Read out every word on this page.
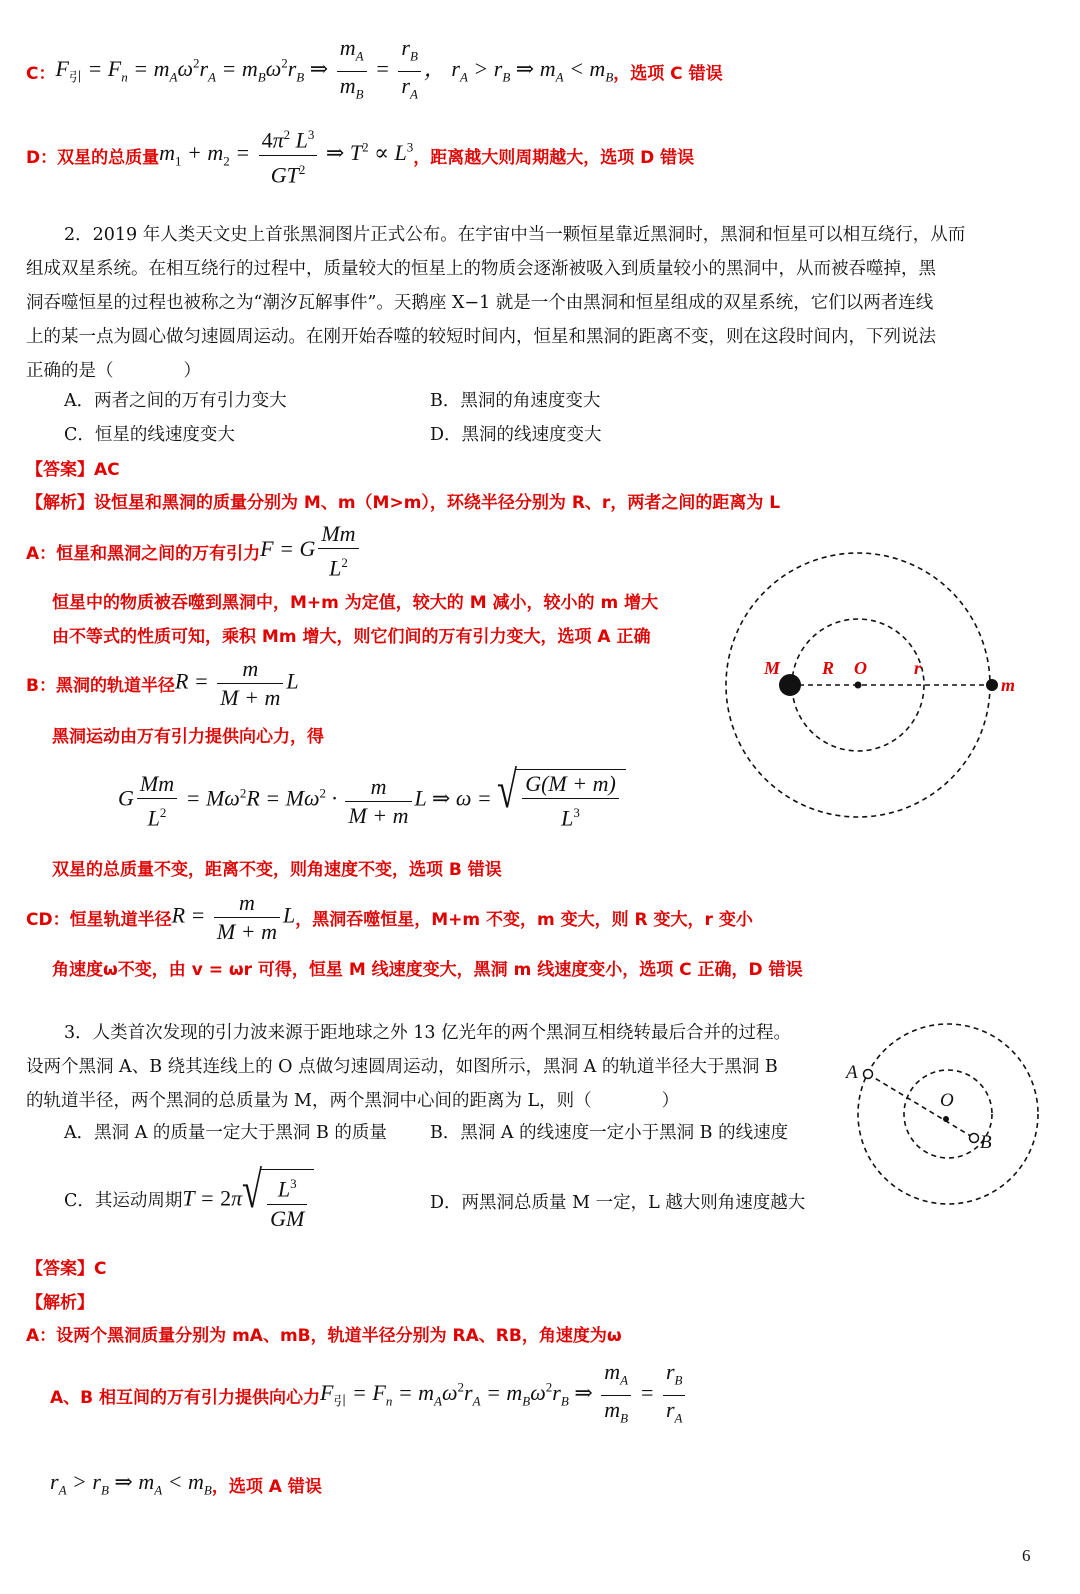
C： $F_引 = F_n = m_A\omega^2r_A = m_B\omega^2r_B$ ⇒ $\frac{m_A}{m_B} = \frac{r_B}{r_A}$ ， $r_A > r_B$ ⇒ $m_A < m_B$ ，选项 C 错误
D：双星的总质量 $m_1 + m_2 = \frac{4\pi^2 L^3}{GT^2}$ ⇒ $T^2 \propto L^3$
，距离越大则周期越大，选项 D 错误
2．2019 年人类天文史上首张黑洞图片正式公布。在宇宙中当一颗恒星靠近黑洞时，黑洞和恒星可以相互绕行，从而
组成双星系统。在相互绕行的过程中，质量较大的恒星上的物质会逐渐被吸入到质量较小的黑洞中，从而被吞噬掉，黑
洞吞噬恒星的过程也被称之为“潮汐瓦解事件”。天鹅座 X−1 就是一个由黑洞和恒星组成的双星系统，它们以两者连线
上的某一点为圆心做匀速圆周运动。在刚开始吞噬的较短时间内，恒星和黑洞的距离不变，则在这段时间内，下列说法
正确的是（　　　　）
A．两者之间的万有引力变大	B．黑洞的角速度变大
C．恒星的线速度变大	D．黑洞的线速度变大
【答案】AC
【解析】设恒星和黑洞的质量分别为 M、m（M>m），环绕半径分别为 R、r，两者之间的距离为 L
A：恒星和黑洞之间的万有引力 F = G $\frac{Mm}{L^2}$
恒星中的物质被吞噬到黑洞中，M+m 为定值，较大的 M 减小，较小的 m 增大
由不等式的性质可知，乘积 Mm 增大，则它们间的万有引力变大，选项 A 正确
B：黑洞的轨道半径 $R = \frac{m}{M + m}$ L
黑洞运动由万有引力提供向心力，得
G $\frac{Mm}{L^2} = M\omega^2R = M\omega^2 \cdot \frac{m}{M + m}$ L ⇒ ω = √ $\frac{G(M + m)}{L^3}$
双星的总质量不变，距离不变，则角速度不变，选项 B 错误
CD：恒星轨道半径 $R = \frac{m}{M + m}$ L ，黑洞吞噬恒星，M+m 不变，m 变大，则 R 变大，r 变小
角速度ω不变，由 v = ωr 可得，恒星 M 线速度变大，黑洞 m 线速度变小，选项 C 正确，D 错误
M R O	r
m
3．人类首次发现的引力波来源于距地球之外 13 亿光年的两个黑洞互相绕转最后合并的过程。
设两个黑洞 A、B 绕其连线上的 O 点做匀速圆周运动，如图所示，黑洞 A 的轨道半径大于黑洞 B
的轨道半径，两个黑洞的总质量为 M，两个黑洞中心间的距离为 L，则（　　　　）
A．黑洞 A 的质量一定大于黑洞 B 的质量 B．黑洞 A 的线速度一定小于黑洞 B 的线速度
C．其运动周期 T = 2π √ $\frac{L^3}{GM}$	D．两黑洞总质量 M 一定，L 越大则角速度越大
【答案】C
【解析】
A：设两个黑洞质量分别为 mA、mB，轨道半径分别为 RA、RB，角速度为ω
A、B 相互间的万有引力提供向心力 $F_引 = F_n = m_A\omega^2r_A = m_B\omega^2r_B$ ⇒ $\frac{m_A}{m_B} = \frac{r_B}{r_A}$
$r_A > r_B$ ⇒ $m_A < m_B$ ，选项 A 错误
A
O
B
6
